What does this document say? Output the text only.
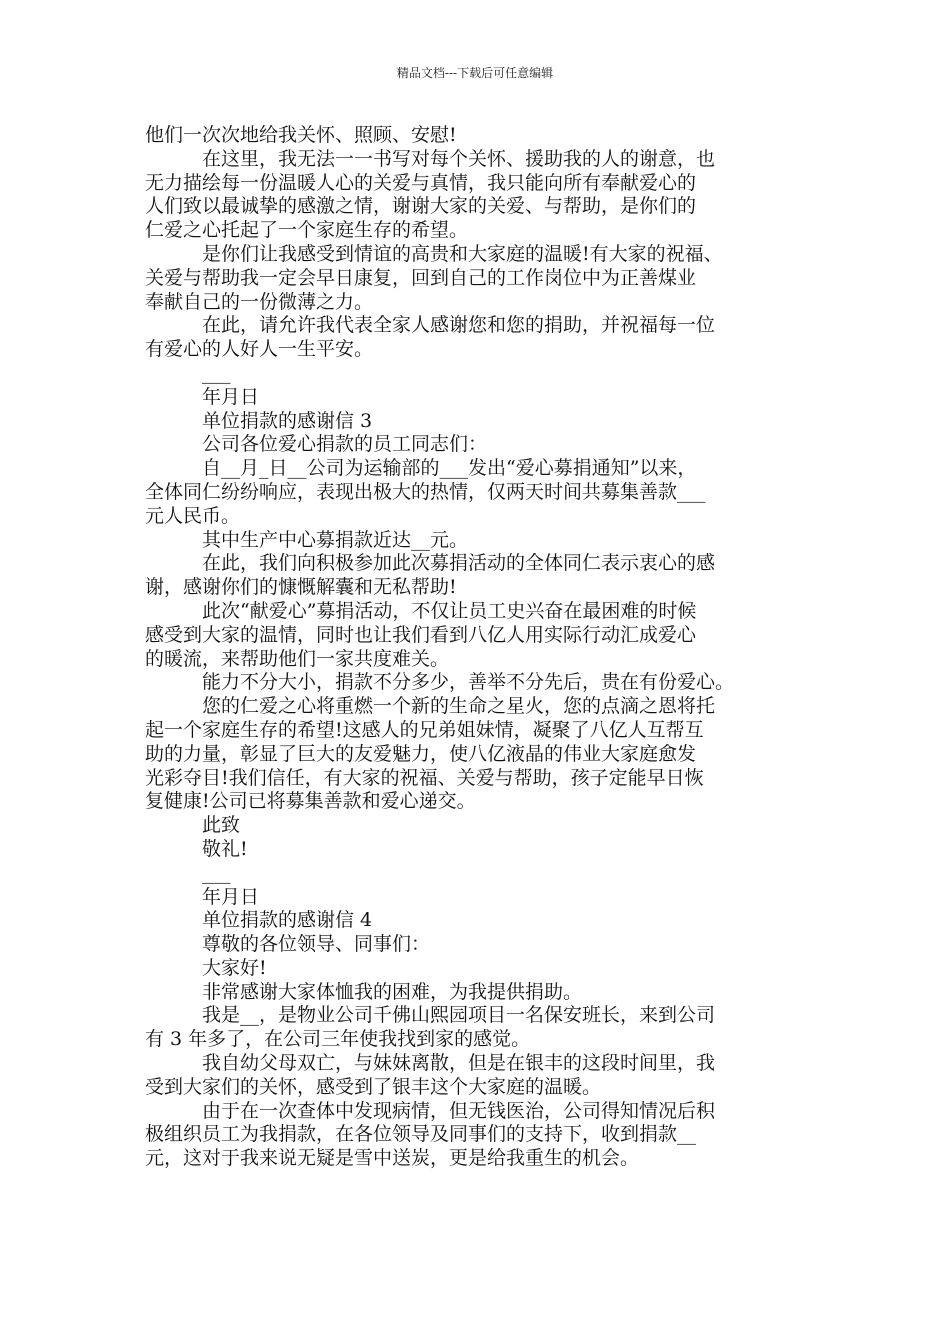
精品文档---下载后可任意编辑
他们一次次地给我关怀、照顾、安慰!
在这里，我无法一一书写对每个关怀、援助我的人的谢意，也
无力描绘每一份温暖人心的关爱与真情，我只能向所有奉献爱心的
人们致以最诚挚的感激之情，谢谢大家的关爱、与帮助，是你们的
仁爱之心托起了一个家庭生存的希望。
是你们让我感受到情谊的高贵和大家庭的温暖!有大家的祝福、
关爱与帮助我一定会早日康复，回到自己的工作岗位中为正善煤业
奉献自己的一份微薄之力。
在此，请允许我代表全家人感谢您和您的捐助，并祝福每一位
有爱心的人好人一生平安。
___
年月日
单位捐款的感谢信 3
公司各位爱心捐款的员工同志们：
自__月_日__公司为运输部的___发出“爱心募捐通知”以来，
全体同仁纷纷响应，表现出极大的热情，仅两天时间共募集善款___
元人民币。
其中生产中心募捐款近达__元。
在此，我们向积极参加此次募捐活动的全体同仁表示衷心的感
谢，感谢你们的慷慨解囊和无私帮助!
此次“献爱心”募捐活动，不仅让员工史兴奋在最困难的时候
感受到大家的温情，同时也让我们看到八亿人用实际行动汇成爱心
的暖流，来帮助他们一家共度难关。
能力不分大小，捐款不分多少，善举不分先后，贵在有份爱心。
您的仁爱之心将重燃一个新的生命之星火，您的点滴之恩将托
起一个家庭生存的希望!这感人的兄弟姐妹情，凝聚了八亿人互帮互
助的力量，彰显了巨大的友爱魅力，使八亿液晶的伟业大家庭愈发
光彩夺目!我们信任，有大家的祝福、关爱与帮助，孩子定能早日恢
复健康!公司已将募集善款和爱心递交。
此致
敬礼!
___
年月日
单位捐款的感谢信 4
尊敬的各位领导、同事们：
大家好!
非常感谢大家体恤我的困难，为我提供捐助。
我是__，是物业公司千佛山熙园项目一名保安班长，来到公司
有 3 年多了，在公司三年使我找到家的感觉。
我自幼父母双亡，与妹妹离散，但是在银丰的这段时间里，我
受到大家们的关怀，感受到了银丰这个大家庭的温暖。
由于在一次查体中发现病情，但无钱医治，公司得知情况后积
极组织员工为我捐款，在各位领导及同事们的支持下，收到捐款__
元，这对于我来说无疑是雪中送炭，更是给我重生的机会。
